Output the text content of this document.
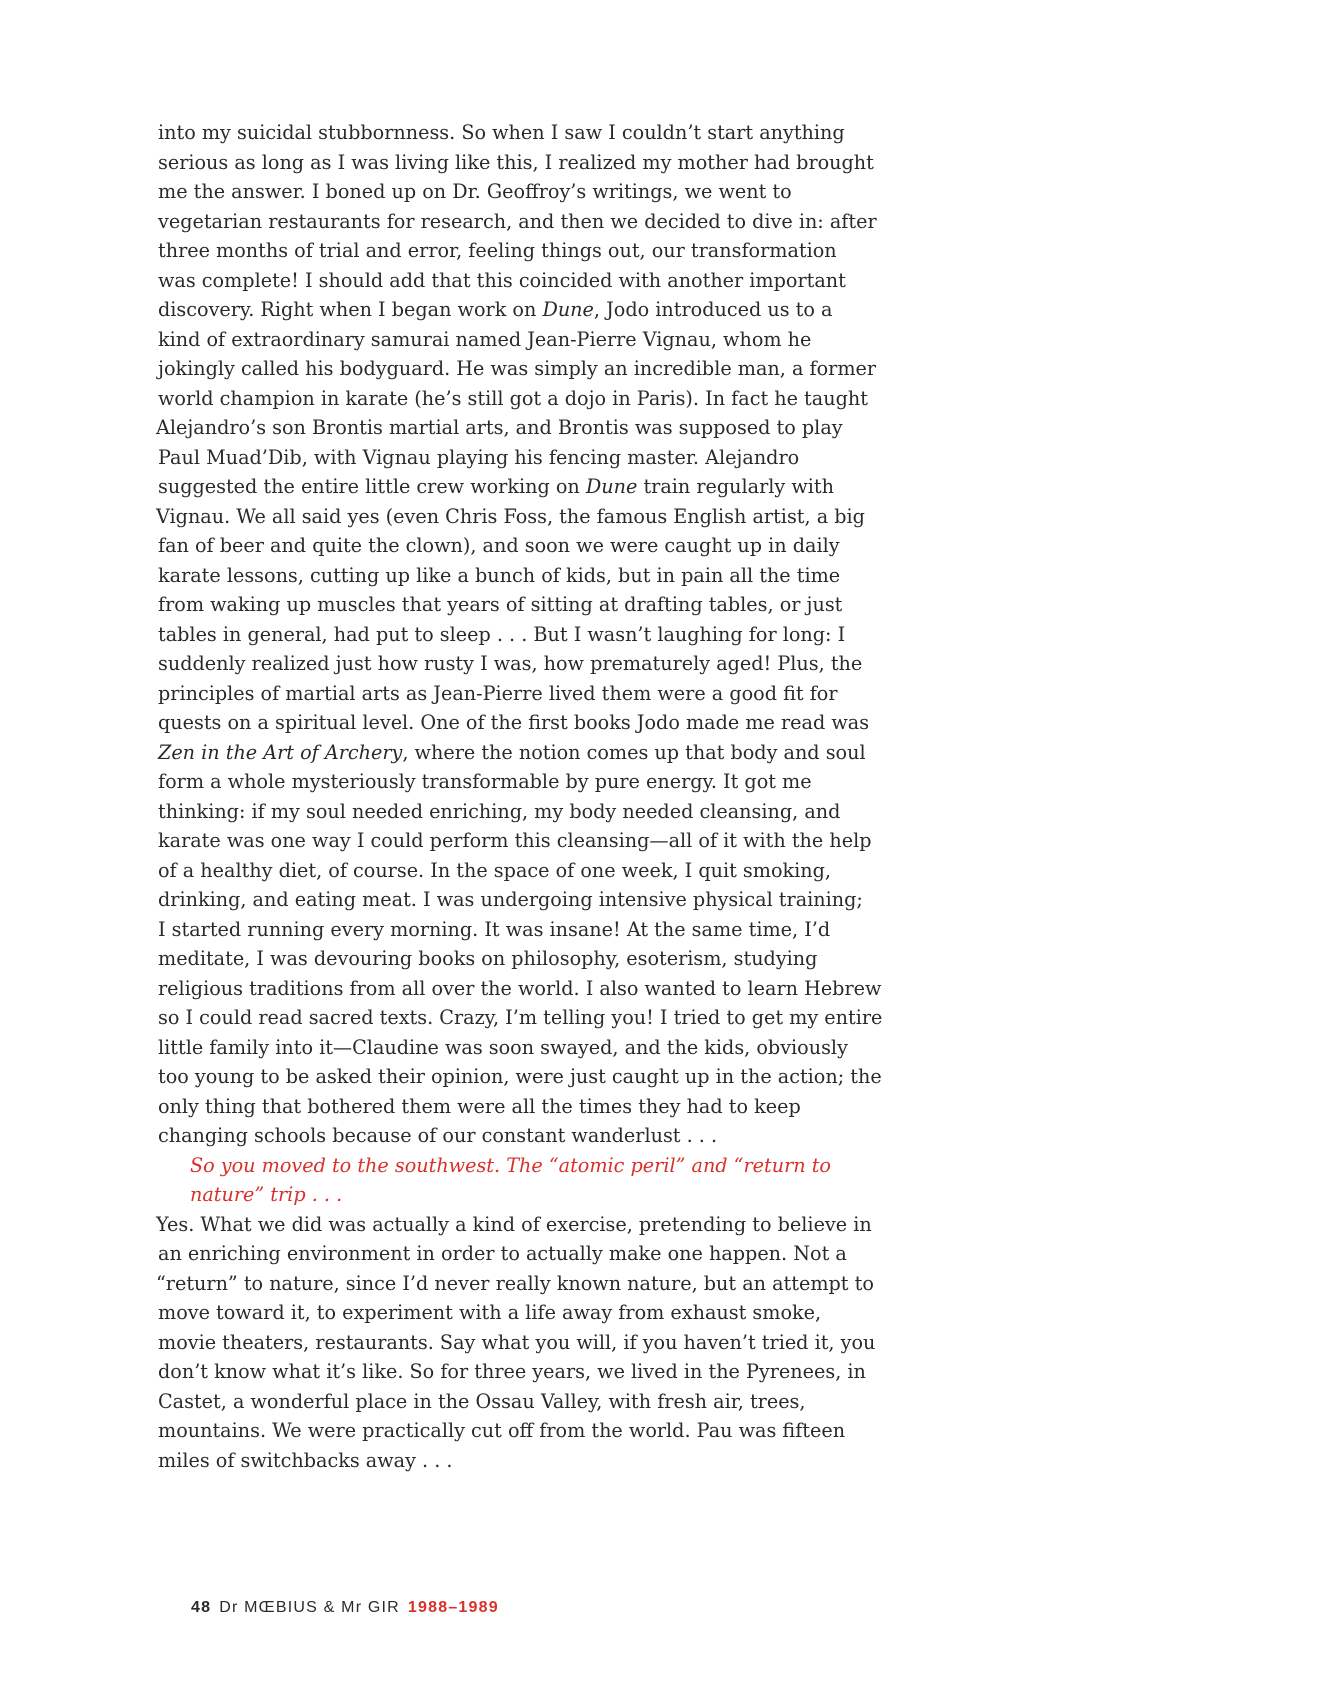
into my suicidal stubbornness. So when I saw I couldn’t start anything
serious as long as I was living like this, I realized my mother had brought
me the answer. I boned up on Dr. Geoffroy’s writings, we went to
vegetarian restaurants for research, and then we decided to dive in: after
three months of trial and error, feeling things out, our transformation
was complete! I should add that this coincided with another important
discovery. Right when I began work on Dune, Jodo introduced us to a
kind of extraordinary samurai named Jean-Pierre Vignau, whom he
jokingly called his bodyguard. He was simply an incredible man, a former
world champion in karate (he’s still got a dojo in Paris). In fact he taught
Alejandro’s son Brontis martial arts, and Brontis was supposed to play
Paul Muad’Dib, with Vignau playing his fencing master. Alejandro
suggested the entire little crew working on Dune train regularly with
Vignau. We all said yes (even Chris Foss, the famous English artist, a big
fan of beer and quite the clown), and soon we were caught up in daily
karate lessons, cutting up like a bunch of kids, but in pain all the time
from waking up muscles that years of sitting at drafting tables, or just
tables in general, had put to sleep . . . But I wasn’t laughing for long: I
suddenly realized just how rusty I was, how prematurely aged! Plus, the
principles of martial arts as Jean-Pierre lived them were a good fit for
quests on a spiritual level. One of the first books Jodo made me read was
Zen in the Art of Archery, where the notion comes up that body and soul
form a whole mysteriously transformable by pure energy. It got me
thinking: if my soul needed enriching, my body needed cleansing, and
karate was one way I could perform this cleansing—all of it with the help
of a healthy diet, of course. In the space of one week, I quit smoking,
drinking, and eating meat. I was undergoing intensive physical training;
I started running every morning. It was insane! At the same time, I’d
meditate, I was devouring books on philosophy, esoterism, studying
religious traditions from all over the world. I also wanted to learn Hebrew
so I could read sacred texts. Crazy, I’m telling you! I tried to get my entire
little family into it—Claudine was soon swayed, and the kids, obviously
too young to be asked their opinion, were just caught up in the action; the
only thing that bothered them were all the times they had to keep
changing schools because of our constant wanderlust . . .
So you moved to the southwest. The “atomic peril” and “return to
nature” trip . . .
Yes. What we did was actually a kind of exercise, pretending to believe in
an enriching environment in order to actually make one happen. Not a
“return” to nature, since I’d never really known nature, but an attempt to
move toward it, to experiment with a life away from exhaust smoke,
movie theaters, restaurants. Say what you will, if you haven’t tried it, you
don’t know what it’s like. So for three years, we lived in the Pyrenees, in
Castet, a wonderful place in the Ossau Valley, with fresh air, trees,
mountains. We were practically cut off from the world. Pau was fifteen
miles of switchbacks away . . .
48 Dr MŒBIUS & Mr GIR 1988–1989
